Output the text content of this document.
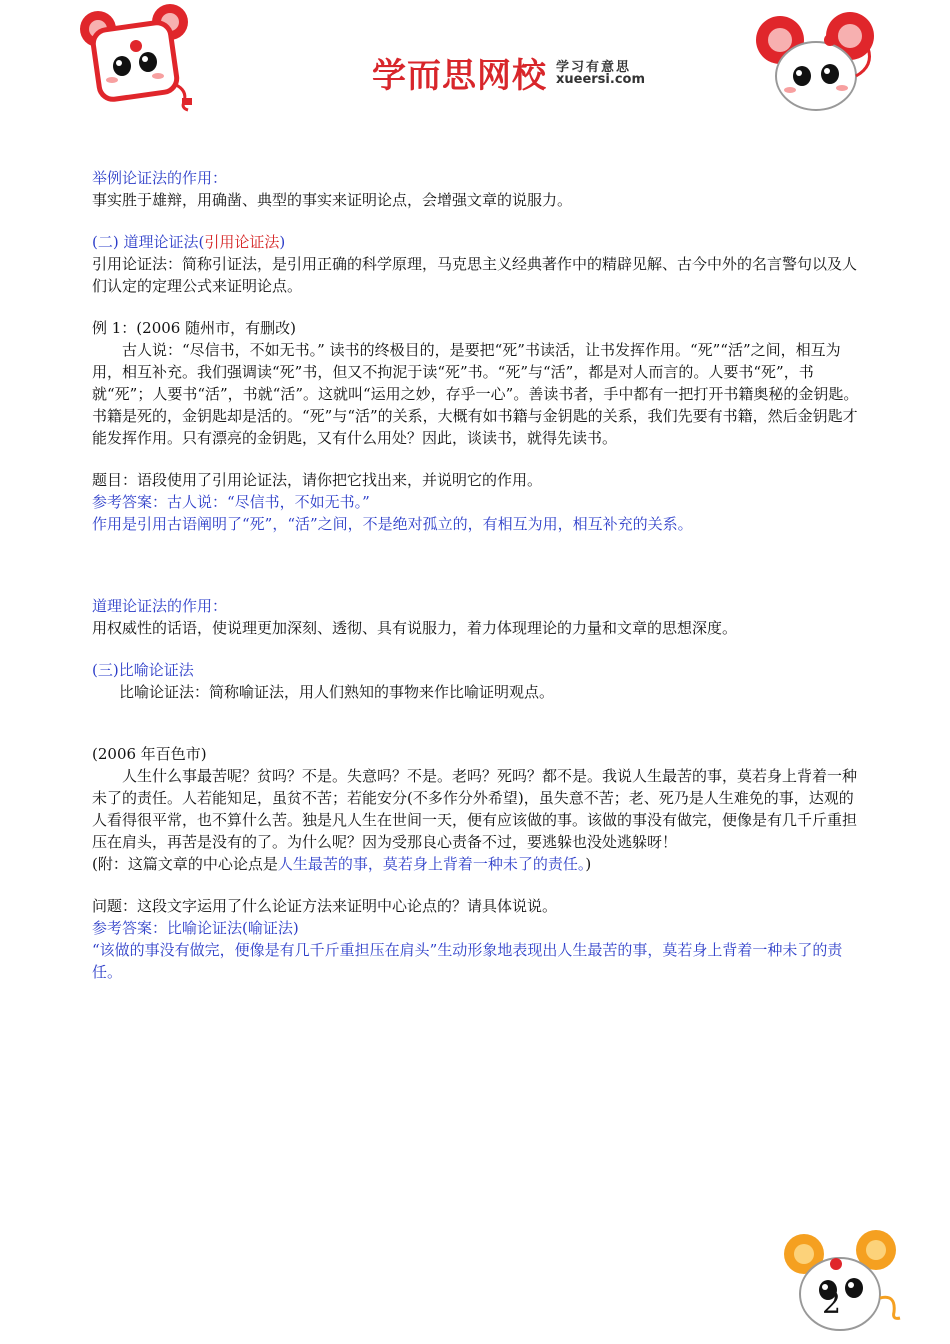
学而思网校 学习有意思
xueersi.com

举例论证法的作用：

事实胜于雄辩，用确凿、典型的事实来证明论点，会增强文章的说服力。

(二) 道理论证法(引用论证法)

引用论证法：简称引证法，是引用正确的科学原理，马克思主义经典著作中的精辟见解、古今中外的名言警句以及人们认定的定理公式来证明论点。

例 1：(2006 随州市，有删改)

古人说：“尽信书，不如无书。” 读书的终极目的，是要把“死”书读活，让书发挥作用。“死”“活”之间，相互为用，相互补充。我们强调读“死”书，但又不拘泥于读“死”书。“死”与“活”，都是对人而言的。人要书“死”，书就“死”；人要书“活”，书就“活”。这就叫“运用之妙，存乎一心”。善读书者，手中都有一把打开书籍奥秘的金钥匙。书籍是死的，金钥匙却是活的。“死”与“活”的关系，大概有如书籍与金钥匙的关系，我们先要有书籍，然后金钥匙才能发挥作用。只有漂亮的金钥匙，又有什么用处？因此，谈读书，就得先读书。

题目：语段使用了引用论证法，请你把它找出来，并说明它的作用。

参考答案：古人说：“尽信书，不如无书。”

作用是引用古语阐明了“死”，“活”之间，不是绝对孤立的，有相互为用，相互补充的关系。

道理论证法的作用：

用权威性的话语，使说理更加深刻、透彻、具有说服力，着力体现理论的力量和文章的思想深度。

(三)比喻论证法

比喻论证法：简称喻证法，用人们熟知的事物来作比喻证明观点。

(2006 年百色市)

人生什么事最苦呢？贫吗？不是。失意吗？不是。老吗？死吗？都不是。我说人生最苦的事，莫若身上背着一种未了的责任。人若能知足，虽贫不苦；若能安分(不多作分外希望)，虽失意不苦；老、死乃是人生难免的事，达观的人看得很平常，也不算什么苦。独是凡人生在世间一天，便有应该做的事。该做的事没有做完，便像是有几千斤重担压在肩头，再苦是没有的了。为什么呢？因为受那良心责备不过，要逃躲也没处逃躲呀！

(附：这篇文章的中心论点是人生最苦的事，莫若身上背着一种未了的责任。)

问题：这段文字运用了什么论证方法来证明中心论点的？请具体说说。

参考答案：比喻论证法(喻证法)

“该做的事没有做完，便像是有几千斤重担压在肩头”生动形象地表现出人生最苦的事，莫若身上背着一种未了的责任。

2
